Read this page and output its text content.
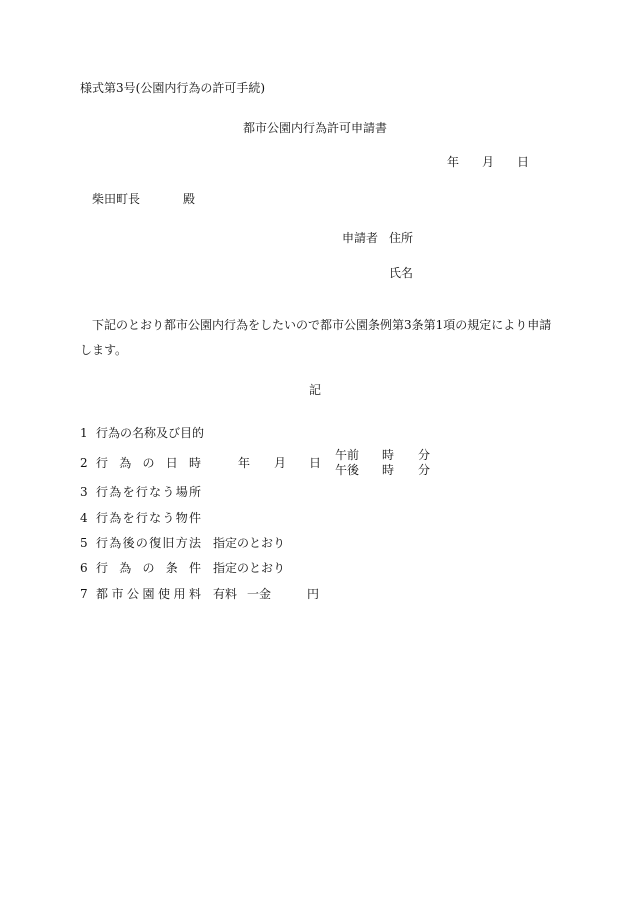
様式第3号(公園内行為の許可手続)
都市公園内行為許可申請書
年 月 日
柴田町長	殿
申請者 住所
氏名
下記のとおり都市公園内行為をしたいので都市公園条例第3条第1項の規定により申請します。
記
1 行為の名称及び目的
2 行為の日時
3 行為を行なう場所
4 行為を行なう物件
5 行為後の復旧方法 指定のとおり
6 行為の条件 指定のとおり
7 都市公園使用料 有料
年 月 日
午前 時 分
午後 時 分
一金	円
